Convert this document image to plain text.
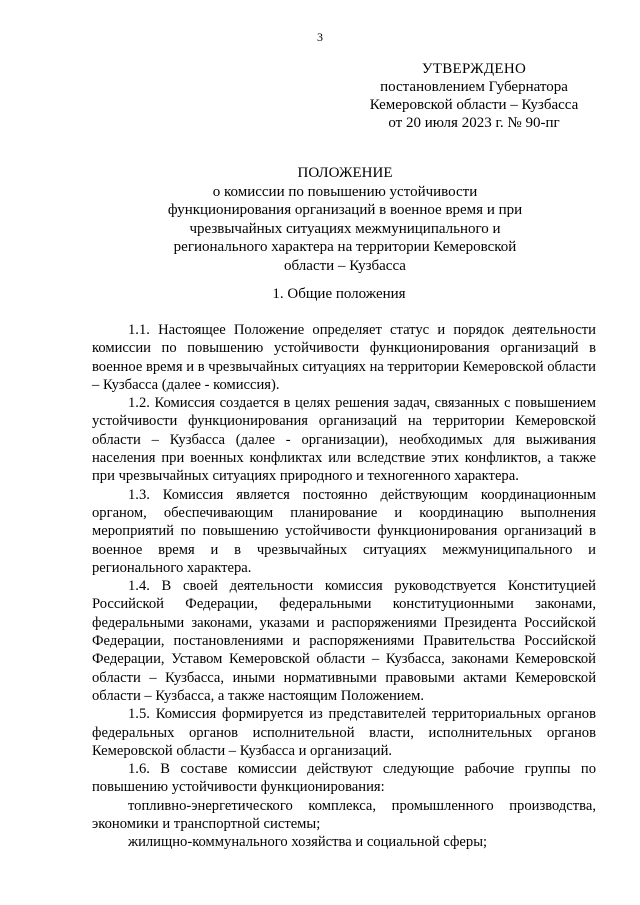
3
УТВЕРЖДЕНО
постановлением Губернатора
Кемеровской области – Кузбасса
от 20 июля 2023 г. № 90-пг
ПОЛОЖЕНИЕ
о комиссии по повышению устойчивости
функционирования организаций в военное время и при
чрезвычайных ситуациях межмуниципального и
регионального характера на территории Кемеровской
области – Кузбасса
1. Общие положения

1.1. Настоящее Положение определяет статус и порядок деятельности комиссии по повышению устойчивости функционирования организаций в военное время и в чрезвычайных ситуациях на территории Кемеровской области – Кузбасса (далее - комиссия).

1.2. Комиссия создается в целях решения задач, связанных с повышением устойчивости функционирования организаций на территории Кемеровской области – Кузбасса (далее - организации), необходимых для выживания населения при военных конфликтах или вследствие этих конфликтов, а также при чрезвычайных ситуациях природного и техногенного характера.

1.3. Комиссия является постоянно действующим координационным органом, обеспечивающим планирование и координацию выполнения мероприятий по повышению устойчивости функционирования организаций в военное время и в чрезвычайных ситуациях межмуниципального и регионального характера.

1.4. В своей деятельности комиссия руководствуется Конституцией Российской Федерации, федеральными конституционными законами, федеральными законами, указами и распоряжениями Президента Российской Федерации, постановлениями и распоряжениями Правительства Российской Федерации, Уставом Кемеровской области – Кузбасса, законами Кемеровской области – Кузбасса, иными нормативными правовыми актами Кемеровской области – Кузбасса, а также настоящим Положением.

1.5. Комиссия формируется из представителей территориальных органов федеральных органов исполнительной власти, исполнительных органов Кемеровской области – Кузбасса и организаций.

1.6. В составе комиссии действуют следующие рабочие группы по повышению устойчивости функционирования:

топливно-энергетического комплекса, промышленного производства, экономики и транспортной системы;

жилищно-коммунального хозяйства и социальной сферы;
